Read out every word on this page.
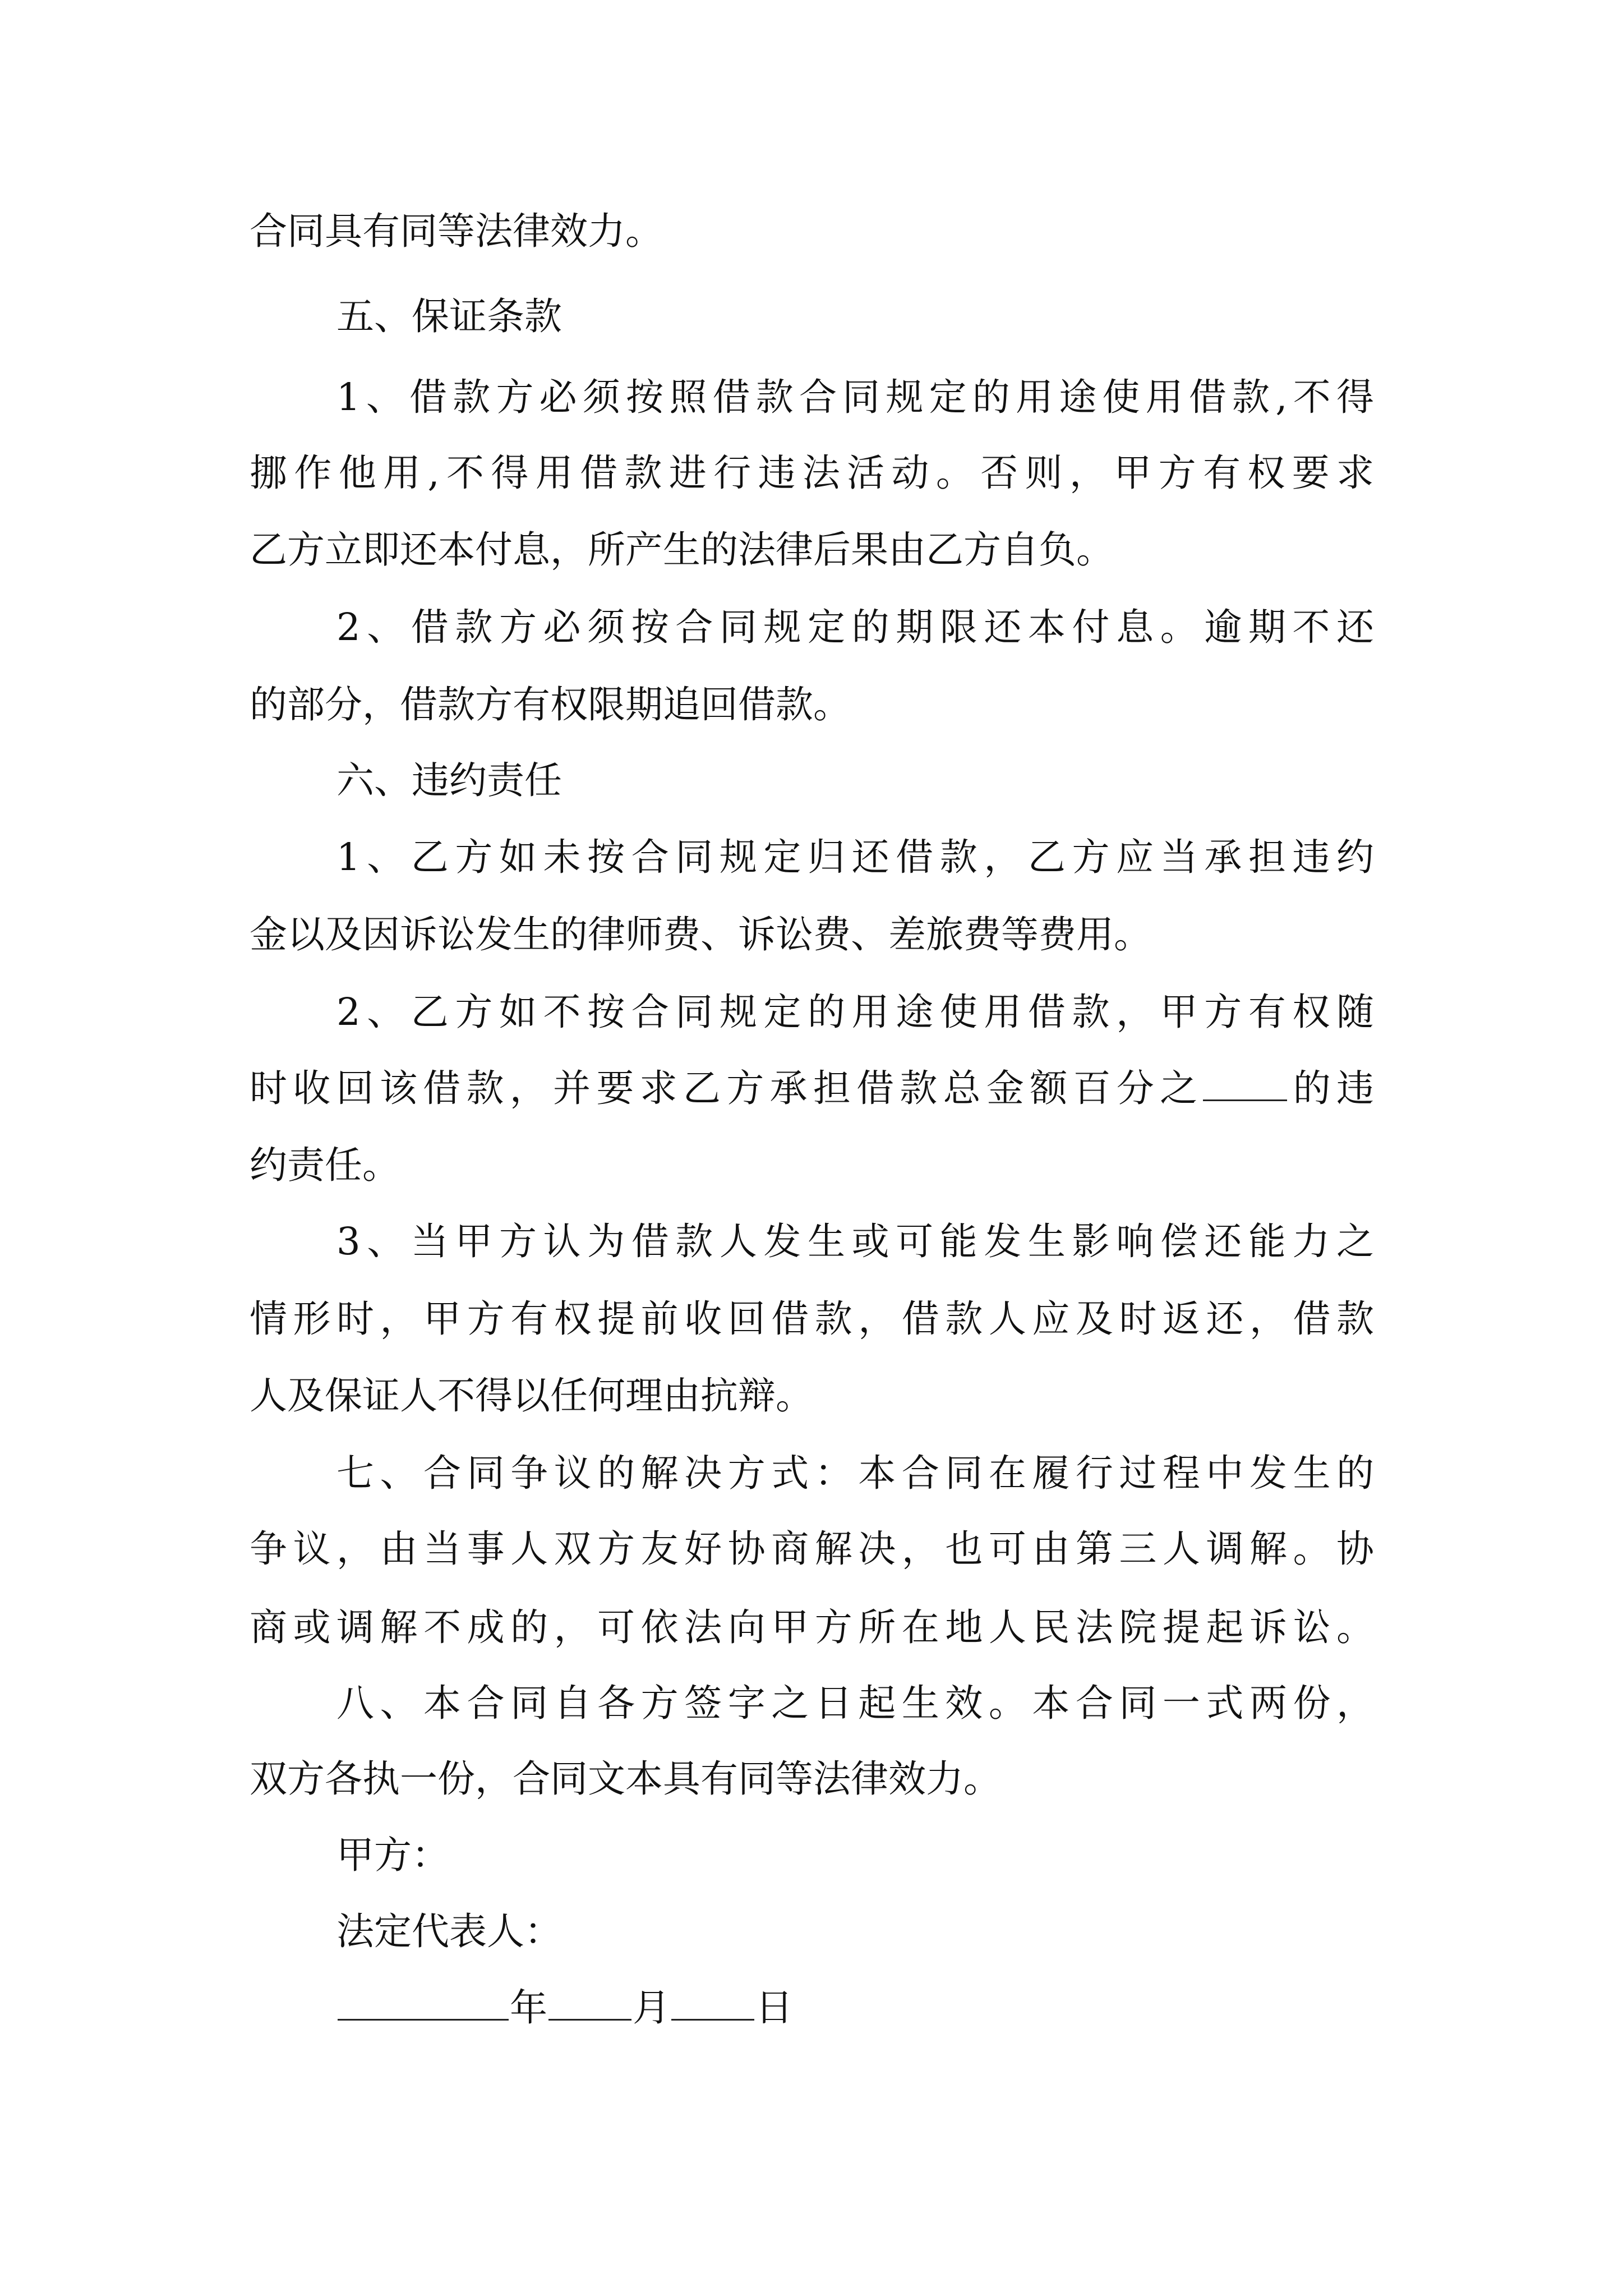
合同具有同等法律效力。

五、保证条款

1、借款方必须按照借款合同规定的用途使用借款,不得

挪作他用,不得用借款进行违法活动。否则，甲方有权要求

乙方立即还本付息，所产生的法律后果由乙方自负。

2、借款方必须按合同规定的期限还本付息。逾期不还

的部分，借款方有权限期追回借款。

六、违约责任

1、乙方如未按合同规定归还借款，乙方应当承担违约

金以及因诉讼发生的律师费、诉讼费、差旅费等费用。

2、乙方如不按合同规定的用途使用借款，甲方有权随

时收回该借款，并要求乙方承担借款总金额百分之 的违

约责任。

3、当甲方认为借款人发生或可能发生影响偿还能力之

情形时，甲方有权提前收回借款，借款人应及时返还，借款

人及保证人不得以任何理由抗辩。

七、合同争议的解决方式：本合同在履行过程中发生的

争议，由当事人双方友好协商解决，也可由第三人调解。协

商或调解不成的，可依法向甲方所在地人民法院提起诉讼。

八、本合同自各方签字之日起生效。本合同一式两份，

双方各执一份，合同文本具有同等法律效力。

甲方：

法定代表人：

年 月 日
